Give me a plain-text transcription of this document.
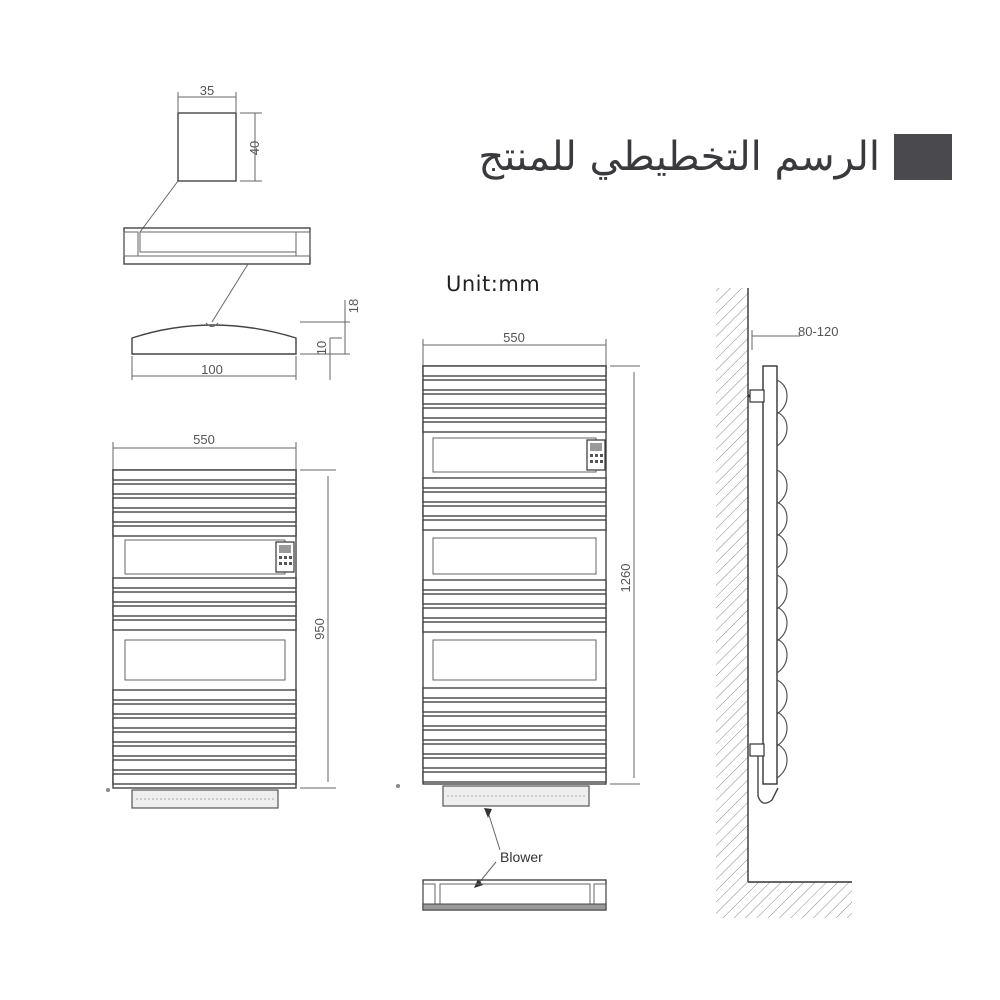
الرسم التخطيطي للمنتج
Unit:mm
35
40
100
10
18
550
950
550
1260
Blower
80-120
